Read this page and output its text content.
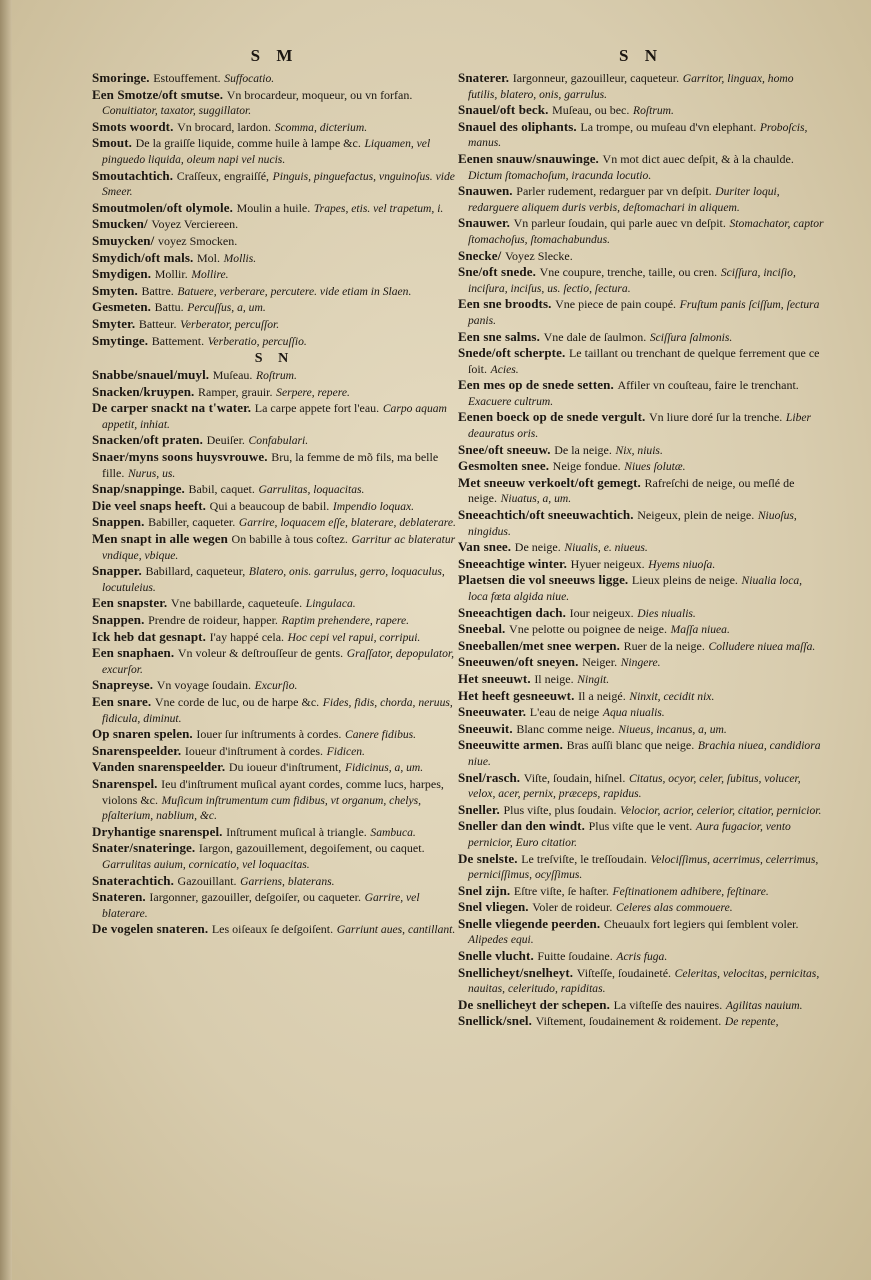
S M

Smoringe. Estouffement. Suffocatio.

Een Smotze/oft smutse. Vn brocardeur, moqueur, ou vn forfan. Conuitiator, taxator, suggillator.

Smots woordt. Vn brocard, lardon. Scomma, dicterium.

Smout. De la graiſſe liquide, comme huile à lampe &c. Liquamen, vel pinguedo liquida, oleum napi vel nucis.

Smoutachtich. Craſſeux, engraiſſé, Pinguis, pinguefactus, vnguinoſus. vide Smeer.

Smoutmolen/oft olymole. Moulin a huile. Trapes, etis. vel trapetum, i.

Smucken/ Voyez Verciereen.

Smuycken/ voyez Smocken.

Smydich/oft mals. Mol. Mollis.

Smydigen. Mollir. Mollire.

Smyten. Battre. Batuere, verberare, percutere. vide etiam in Slaen.

Gesmeten. Battu. Percuſſus, a, um.

Smyter. Batteur. Verberator, percuſſor.

Smytinge. Battement. Verberatio, percuſſio.

S N

Snabbe/snauel/muyl. Muſeau. Roſtrum.

Snacken/kruypen. Ramper, grauir. Serpere, repere.

De carper snackt na t'water. La carpe appete fort l'eau. Carpo aquam appetit, inhiat.

Snacken/oft praten. Deuiſer. Confabulari.

Snaer/myns soons huysvrouwe. Bru, la femme de mõ fils, ma belle fille. Nurus, us.

Snap/snappinge. Babil, caquet. Garrulitas, loquacitas.

Die veel snaps heeft. Qui a beaucoup de babil. Impendio loquax.

Snappen. Babiller, caqueter. Garrire, loquacem eſſe, blaterare, deblaterare.

Men snapt in alle wegen On babille à tous coſtez. Garritur ac blateratur vndique, vbique.

Snapper. Babillard, caqueteur, Blatero, onis. garrulus, gerro, loquaculus, locutuleius.

Een snapster. Vne babillarde, caqueteuſe. Lingulaca.

Snappen. Prendre de roideur, happer. Raptim prehendere, rapere.

Ick heb dat gesnapt. I'ay happé cela. Hoc cepi vel rapui, corripui.

Een snaphaen. Vn voleur & deſtrouſſeur de gents. Graſſator, depopulator, excurſor.

Snapreyse. Vn voyage ſoudain. Excurſio.

Een snare. Vne corde de luc, ou de harpe &c. Fides, fidis, chorda, neruus, fidicula, diminut.

Op snaren spelen. Iouer ſur inſtruments à cordes. Canere fidibus.

Snarenspeelder. Ioueur d'inſtrument à cordes. Fidicen.

Vanden snarenspeelder. Du ioueur d'inſtrument, Fidicinus, a, um.

Snarenspel. Ieu d'inſtrument muſical ayant cordes, comme lucs, harpes, violons &c. Muſicum inſtrumentum cum fidibus, vt organum, chelys, pſalterium, nablium, &c.

Dryhantige snarenspel. Inſtrument muſical à triangle. Sambuca.

Snater/snateringe. Iargon, gazouillement, degoiſement, ou caquet. Garrulitas auium, cornicatio, vel loquacitas.

Snaterachtich. Gazouillant. Garriens, blaterans.

Snateren. Iargonner, gazouiller, deſgoiſer, ou caqueter. Garrire, vel blaterare.

De vogelen snateren. Les oiſeaux ſe deſgoiſent. Garriunt aues, cantillant.

S N

Snaterer. Iargonneur, gazouilleur, caqueteur. Garritor, linguax, homo futilis, blatero, onis, garrulus.

Snauel/oft beck. Muſeau, ou bec. Roſtrum.

Snauel des oliphants. La trompe, ou muſeau d'vn elephant. Proboſcis, manus.

Eenen snauw/snauwinge. Vn mot dict auec deſpit, & à la chaulde. Dictum ſtomachoſum, iracunda locutio.

Snauwen. Parler rudement, redarguer par vn deſpit. Duriter loqui, redarguere aliquem duris verbis, deſtomachari in aliquem.

Snauwer. Vn parleur ſoudain, qui parle auec vn deſpit. Stomachator, captor ſtomachoſus, ſtomachabundus.

Snecke/ Voyez Slecke.

Sne/oft snede. Vne coupure, trenche, taille, ou cren. Sciſſura, inciſio, inciſura, inciſus, us. ſectio, ſectura.

Een sne broodts. Vne piece de pain coupé. Fruſtum panis ſciſſum, ſectura panis.

Een sne salms. Vne dale de ſaulmon. Sciſſura ſalmonis.

Snede/oft scherpte. Le taillant ou trenchant de quelque ferrement que ce ſoit. Acies.

Een mes op de snede setten. Affiler vn couſteau, faire le trenchant. Exacuere cultrum.

Eenen boeck op de snede vergult. Vn liure doré ſur la trenche. Liber deauratus oris.

Snee/oft sneeuw. De la neige. Nix, niuis.

Gesmolten snee. Neige fondue. Niues ſolutæ.

Met sneeuw verkoelt/oft gemegt. Rafreſchi de neige, ou meſlé de neige. Niuatus, a, um.

Sneeachtich/oft sneeuwachtich. Neigeux, plein de neige. Niuoſus, ningidus.

Van snee. De neige. Niualis, e. niueus.

Sneeachtige winter. Hyuer neigeux. Hyems niuoſa.

Plaetsen die vol sneeuws ligge. Lieux pleins de neige. Niualia loca, loca fœta algida niue.

Sneeachtigen dach. Iour neigeux. Dies niualis.

Sneebal. Vne pelotte ou poignee de neige. Maſſa niuea.

Sneeballen/met snee werpen. Ruer de la neige. Colludere niuea maſſa.

Sneeuwen/oft sneyen. Neiger. Ningere.

Het sneeuwt. Il neige. Ningit.

Het heeft gesneeuwt. Il a neigé. Ninxit, cecidit nix.

Sneeuwater. L'eau de neige Aqua niualis.

Sneeuwit. Blanc comme neige. Niueus, incanus, a, um.

Sneeuwitte armen. Bras auſſi blanc que neige. Brachia niuea, candidiora niue.

Snel/rasch. Viſte, ſoudain, hiſnel. Citatus, ocyor, celer, ſubitus, volucer, velox, acer, pernix, præceps, rapidus.

Sneller. Plus viſte, plus ſoudain. Velocior, acrior, celerior, citatior, pernicior.

Sneller dan den windt. Plus viſte que le vent. Aura fugacior, vento pernicior, Euro citatior.

De snelste. Le treſviſte, le treſſoudain. Velociſſimus, acerrimus, celerrimus, perniciſſimus, ocyſſimus.

Snel zijn. Eſtre viſte, ſe haſter. Feſtinationem adhibere, feſtinare.

Snel vliegen. Voler de roideur. Celeres alas commouere.

Snelle vliegende peerden. Cheuaulx fort legiers qui ſemblent voler. Alipedes equi.

Snelle vlucht. Fuitte ſoudaine. Acris fuga.

Snellicheyt/snelheyt. Viſteſſe, ſoudaineté. Celeritas, velocitas, pernicitas, nauitas, celeritudo, rapiditas.

De snellicheyt der schepen. La viſteſſe des nauires. Agilitas nauium.

Snellick/snel. Viſtement, ſoudainement & roidement. De repente,
